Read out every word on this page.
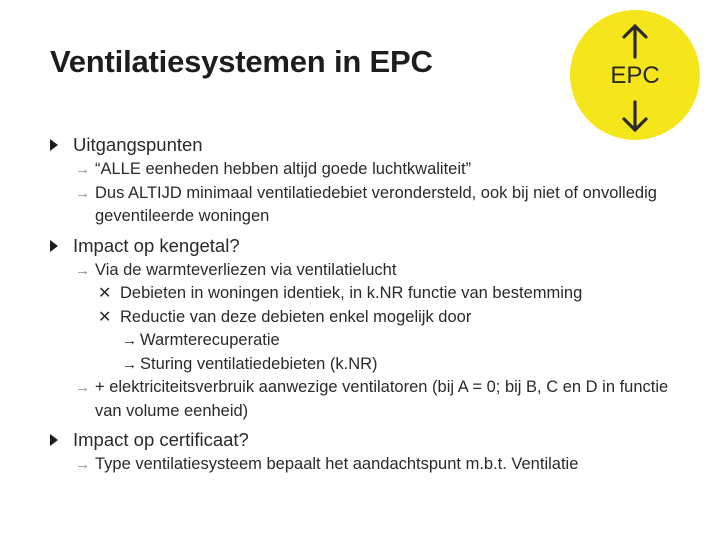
Ventilatiesystemen in EPC	EPC
Uitgangspunten
→ “ALLE eenheden hebben altijd goede luchtkwaliteit”
→ Dus ALTIJD minimaal ventilatiedebiet verondersteld, ook bij niet of onvolledig geventileerde woningen
Impact op kengetal?
→ Via de warmteverliezen via ventilatielucht
✕ Debieten in woningen identiek, in k.NR functie van bestemming
✕ Reductie van deze debieten enkel mogelijk door
→ Warmterecuperatie
→ Sturing ventilatiedebieten (k.NR)
→ + elektriciteitsverbruik aanwezige ventilatoren (bij A = 0; bij B, C en D in functie van volume eenheid)
Impact op certificaat?
→ Type ventilatiesysteem bepaalt het aandachtspunt m.b.t. Ventilatie
